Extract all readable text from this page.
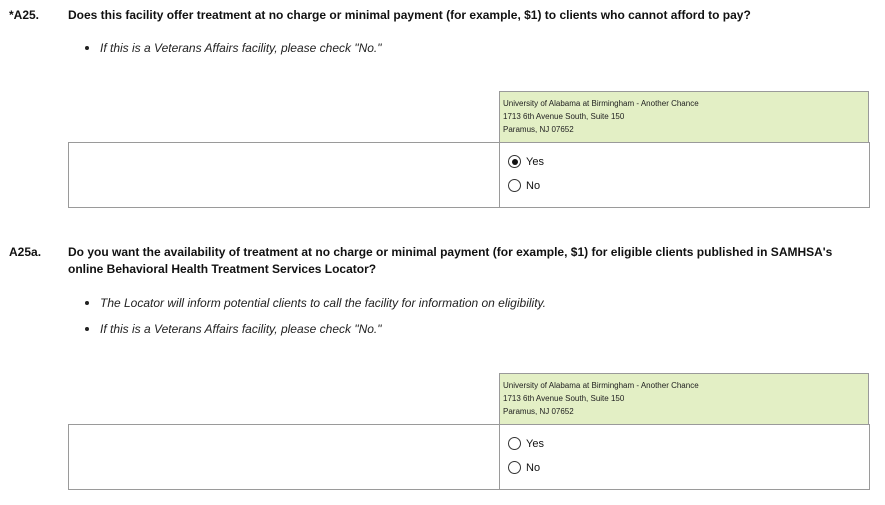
*A25. Does this facility offer treatment at no charge or minimal payment (for example, $1) to clients who cannot afford to pay?
If this is a Veterans Affairs facility, please check "No."
University of Alabama at Birmingham - Another Chance
1713 6th Avenue South, Suite 150
Paramus, NJ 07652
Yes
No
A25a. Do you want the availability of treatment at no charge or minimal payment (for example, $1) for eligible clients published in SAMHSA's online Behavioral Health Treatment Services Locator?
The Locator will inform potential clients to call the facility for information on eligibility.
If this is a Veterans Affairs facility, please check "No."
University of Alabama at Birmingham - Another Chance
1713 6th Avenue South, Suite 150
Paramus, NJ 07652
Yes
No
